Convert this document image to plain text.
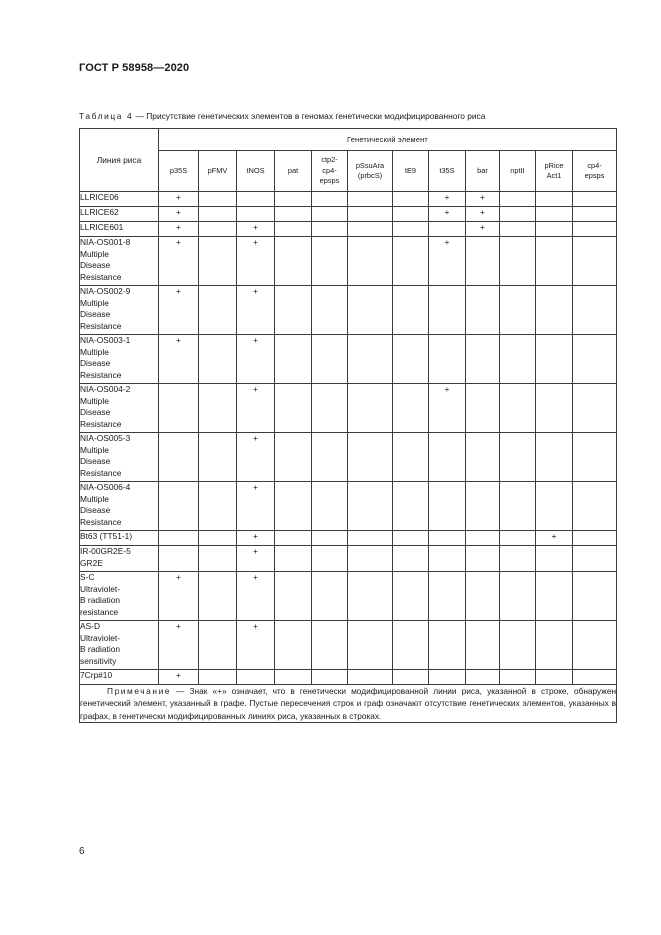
ГОСТ Р 58958—2020
Таблица 4 — Присутствие генетических элементов в геномах генетически модифицированного риса
Линия риса	Генетический элемент											
	р35S	pFMV	tNOS	pat	ctp2-
cp4-
epsps	pSsuAra
(prbcS)	tE9	t35S	bar	nptII	pRice
Act1	cp4-
epsps
LLRICE06	+							+	+			
LLRICE62	+							+	+			
LLRICE601	+		+						+			
NIA-OS001-8
Multiple
Disease
Resistance	+		+					+				
NIA-OS002-9
Multiple
Disease
Resistance	+		+									
NIA-OS003-1
Multiple
Disease
Resistance	+		+									
NIA-OS004-2
Multiple
Disease
Resistance			+					+				
NIA-OS005-3
Multiple
Disease
Resistance			+									
NIA-OS006-4
Multiple
Disease
Resistance			+									
Bt63 (TT51-1)			+								+	
IR-00GR2E-5
GR2E			+									
S-C
Ultraviolet-
B radiation
resistance	+		+									
AS-D
Ultraviolet-
B radiation
sensitivity	+		+									
7Crp#10	+											
Примечание — Знак «+» означает, что в генетически модифицированной линии риса, указанной в строке, обнаружен генетический элемент, указанный в графе. Пустые пересечения строк и граф означают отсутствие генетических элементов, указанных в графах, в генетически модифицированных линиях риса, указанных в строках.												
6
